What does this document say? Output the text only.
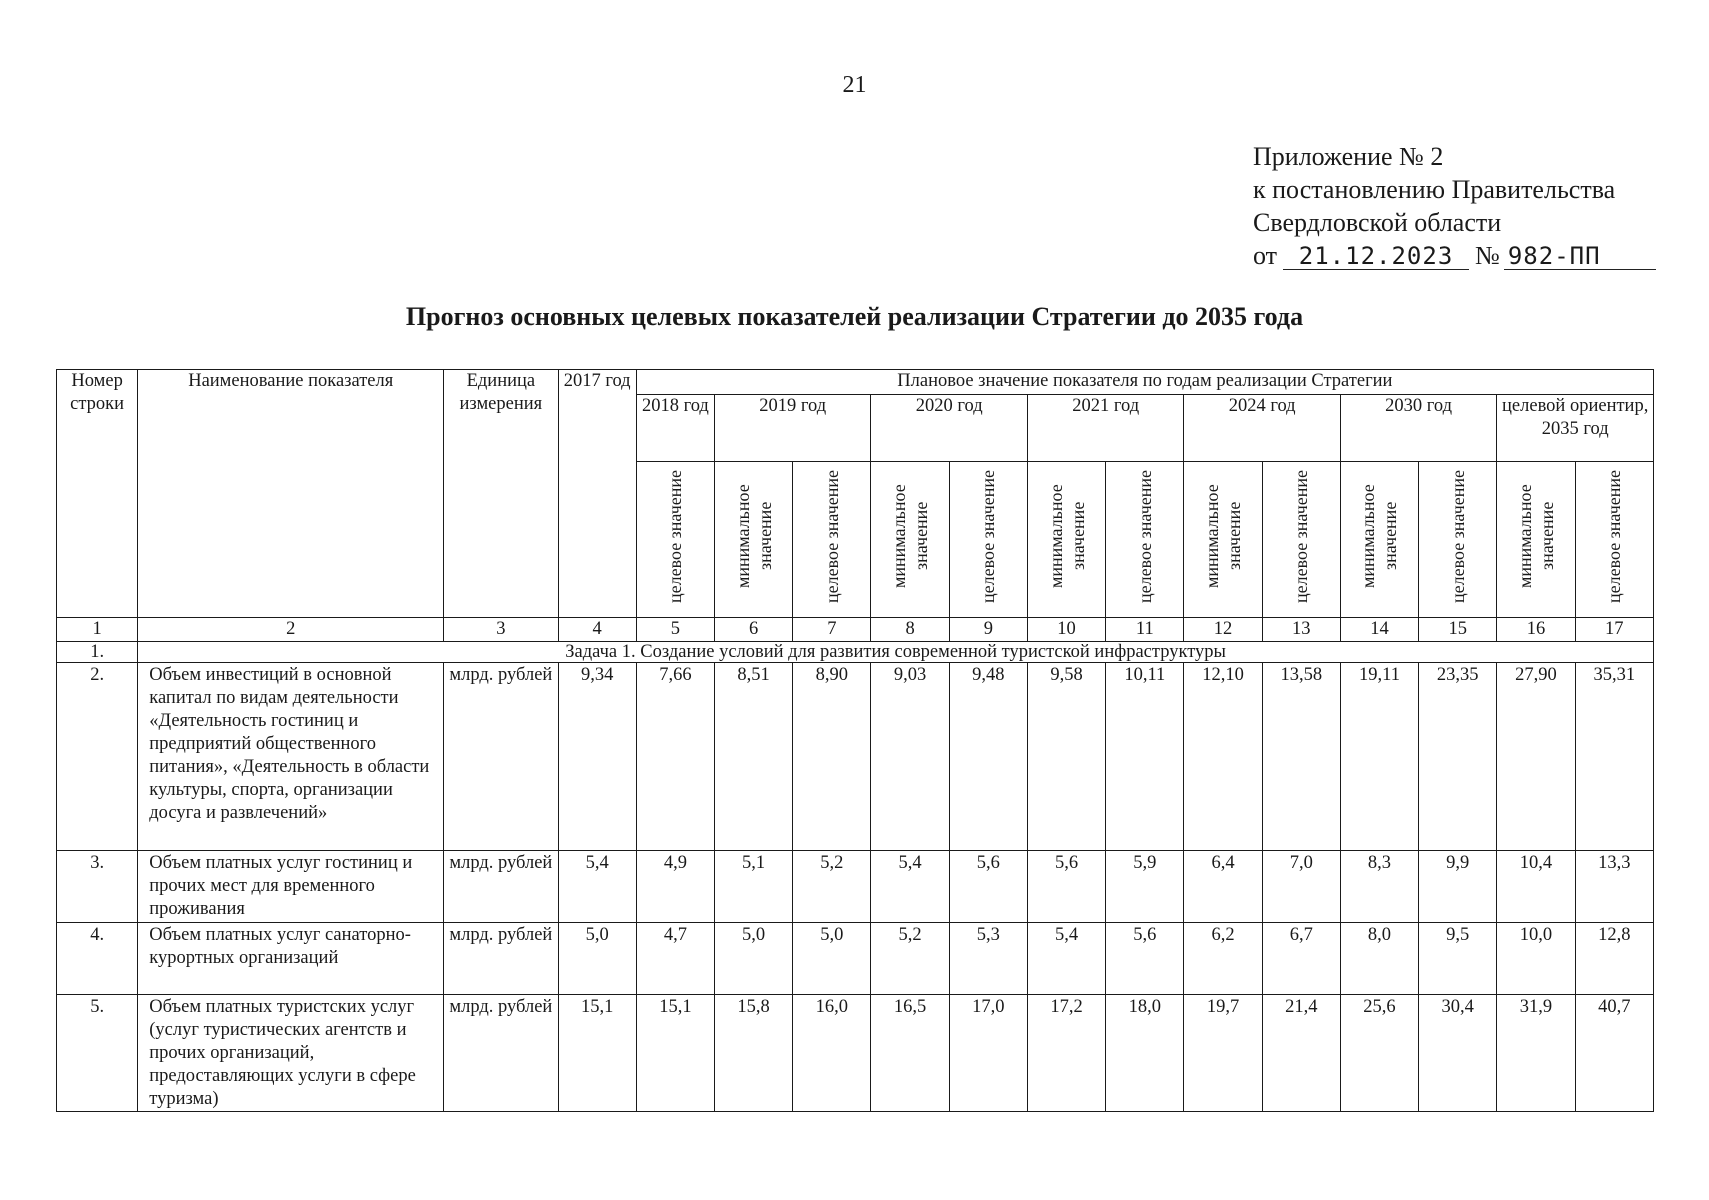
21
Приложение № 2
к постановлению Правительства
Свердловской области
от 21.12.2023 № 982-ПП
Прогноз основных целевых показателей реализации Стратегии до 2035 года
Номер строки	Наименование показателя	Единица измерения	2017 год	Плановое значение показателя по годам реализации Стратегии												
				2018 год	2019 год		2020 год		2021 год		2024 год		2030 год		целевой ориентир, 2035 год	
				целевое значение	минимальное значение	целевое значение	минимальное значение	целевое значение	минимальное значение	целевое значение	минимальное значение	целевое значение	минимальное значение	целевое значение	минимальное значение	целевое значение
1	2	3	4	5	6	7	8	9	10	11	12	13	14	15	16	17
1.	Задача 1. Создание условий для развития современной туристской инфраструктуры															
2.	Объем инвестиций в основной капитал по видам деятельности «Деятельность гостиниц и предприятий общественного питания», «Деятельность в области культуры, спорта, организации досуга и развлечений»	млрд. рублей	9,34	7,66	8,51	8,90	9,03	9,48	9,58	10,11	12,10	13,58	19,11	23,35	27,90	35,31
3.	Объем платных услуг гостиниц и прочих мест для временного проживания	млрд. рублей	5,4	4,9	5,1	5,2	5,4	5,6	5,6	5,9	6,4	7,0	8,3	9,9	10,4	13,3
4.	Объем платных услуг санаторно-курортных организаций	млрд. рублей	5,0	4,7	5,0	5,0	5,2	5,3	5,4	5,6	6,2	6,7	8,0	9,5	10,0	12,8
5.	Объем платных туристских услуг (услуг туристических агентств и прочих организаций, предоставляющих услуги в сфере туризма)	млрд. рублей	15,1	15,1	15,8	16,0	16,5	17,0	17,2	18,0	19,7	21,4	25,6	30,4	31,9	40,7
